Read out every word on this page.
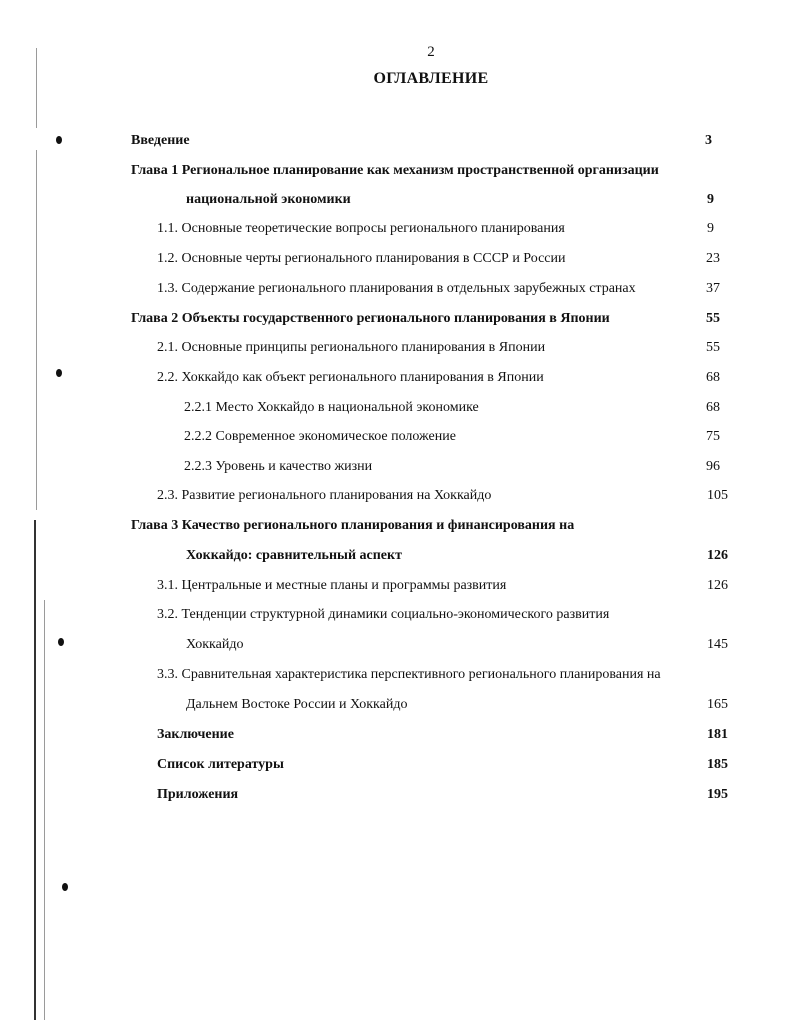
2
ОГЛАВЛЕНИЕ
Введение	3
Глава 1 Региональное планирование как механизм пространственной организации
национальной экономики	9
1.1. Основные теоретические вопросы регионального планирования	9
1.2. Основные черты регионального планирования в СССР и России	23
1.3. Содержание регионального планирования в отдельных зарубежных странах	37
Глава 2 Объекты государственного регионального планирования в Японии	55
2.1. Основные принципы регионального планирования в Японии	55
2.2. Хоккайдо как объект регионального планирования в Японии	68
2.2.1 Место Хоккайдо в национальной экономике	68
2.2.2 Современное экономическое положение	75
2.2.3 Уровень и качество жизни	96
2.3. Развитие регионального планирования на Хоккайдо	105
Глава 3 Качество регионального планирования и финансирования на
Хоккайдо: сравнительный аспект	126
3.1. Центральные и местные планы и программы развития	126
3.2. Тенденции структурной динамики социально-экономического развития
Хоккайдо	145
3.3. Сравнительная характеристика перспективного регионального планирования на
Дальнем Востоке России и Хоккайдо	165
Заключение	181
Список литературы	185
Приложения	195
